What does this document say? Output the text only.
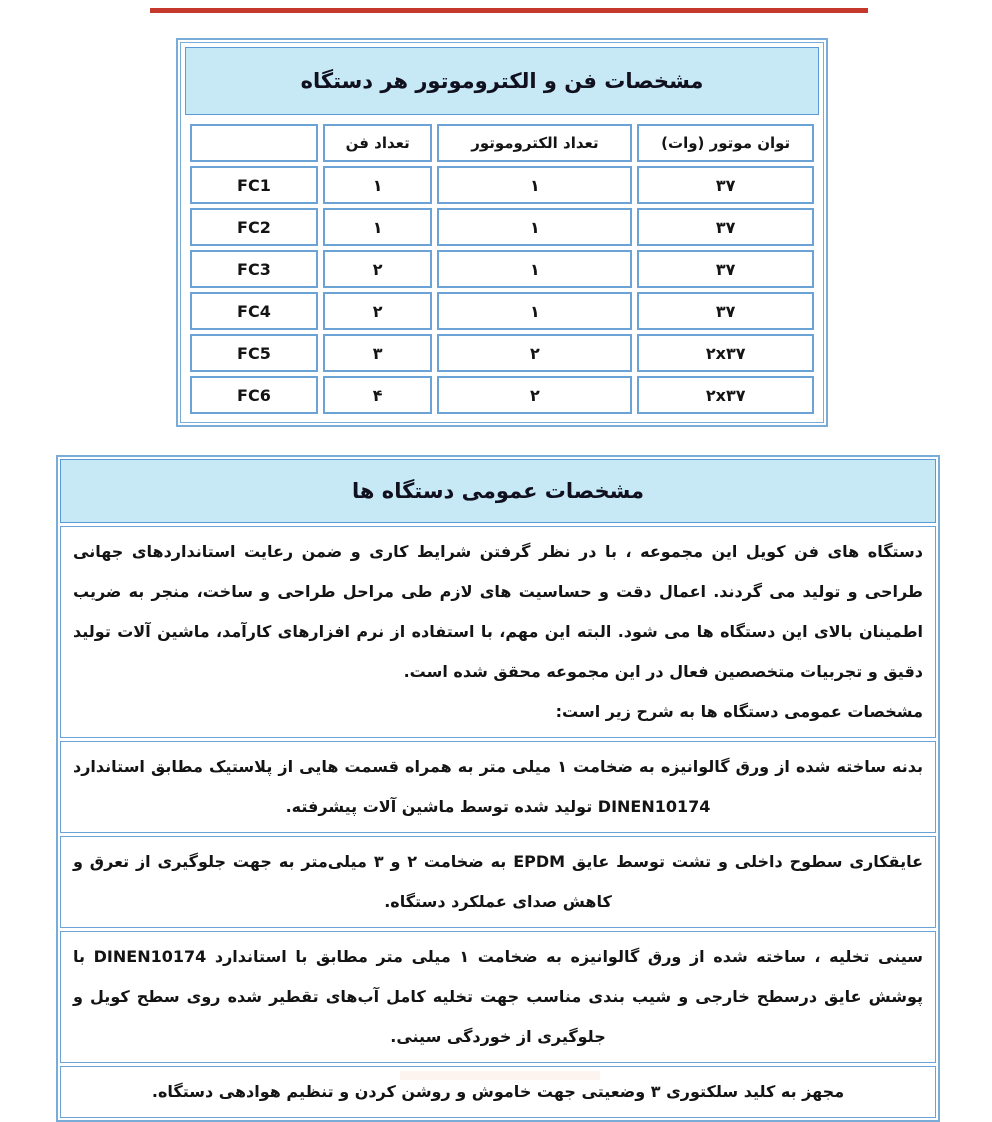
مشخصات فن و الکتروموتور هر دستگاه
	تعداد فن	تعداد الکتروموتور	توان موتور (وات)
FC1	۱	۱	۳۷
FC2	۱	۱	۳۷
FC3	۲	۱	۳۷
FC4	۲	۱	۳۷
FC5	۳	۲	۲x۳۷
FC6	۴	۲	۲x۳۷
مشخصات عمومی دستگاه ها
دستگاه های فن کویل این مجموعه ، با در نظر گرفتن شرایط کاری و ضمن رعایت استانداردهای جهانی طراحی و تولید می گردند. اعمال دقت و حساسیت های لازم طی مراحل طراحی و ساخت، منجر به ضریب اطمینان بالای این دستگاه ها می شود. البته این مهم، با استفاده از نرم افزارهای کارآمد، ماشین آلات تولید دقیق و تجربیات متخصصین فعال در این مجموعه محقق شده است.
مشخصات عمومی دستگاه ها به شرح زیر است:
بدنه ساخته شده از ورق گالوانیزه به ضخامت ۱ میلی متر به همراه قسمت هایی از پلاستیک مطابق استاندارد DINEN10174 تولید شده توسط ماشین آلات پیشرفته.
عایقکاری سطوح داخلی و تشت توسط عایق EPDM به ضخامت ۲ و ۳ میلی‌متر به جهت جلوگیری از تعرق و کاهش صدای عملکرد دستگاه.
سینی تخلیه ، ساخته شده از ورق گالوانیزه به ضخامت ۱ میلی متر مطابق با استاندارد DINEN10174 با پوشش عایق درسطح خارجی و شیب بندی مناسب جهت تخلیه کامل آب‌های تقطیر شده روی سطح کویل و جلوگیری از خوردگی سینی.
مجهز به کلید سلکتوری ۳ وضعیتی جهت خاموش و روشن کردن و تنظیم هوادهی دستگاه.
